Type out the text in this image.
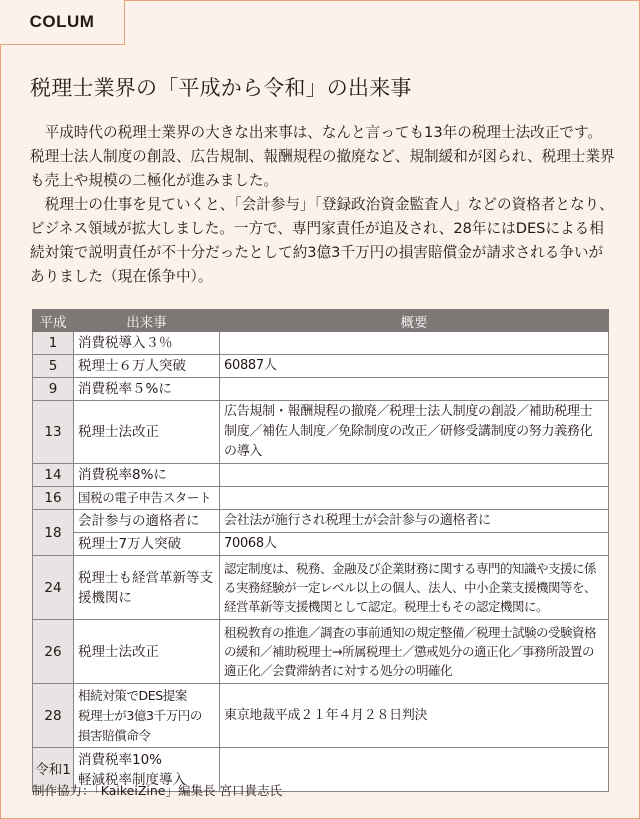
COLUM
税理士業界の「平成から令和」の出来事

平成時代の税理士業界の大きな出来事は、なんと言っても13年の税理士法改正です。税理士法人制度の創設、広告規制、報酬規程の撤廃など、規制緩和が図られ、税理士業界も売上や規模の二極化が進みました。

税理士の仕事を見ていくと、「会計参与」「登録政治資金監査人」などの資格者となり、ビジネス領域が拡大しました。一方で、専門家責任が追及され、28年にはDESによる相続対策で説明責任が不十分だったとして約3億3千万円の損害賠償金が請求される争いがありました（現在係争中）。

平成	出来事	概要
1	消費税導入３％	
5	税理士６万人突破	60887人
9	消費税率５%に	
13	税理士法改正	広告規制・報酬規程の撤廃／税理士法人制度の創設／補助税理士制度／補佐人制度／免除制度の改正／研修受講制度の努力義務化の導入
14	消費税率8%に	
16	国税の電子申告スタート	
18	会計参与の適格者に	会社法が施行され税理士が会計参与の適格者に
	税理士7万人突破	70068人
24	税理士も経営革新等支援機関に	認定制度は、税務、金融及び企業財務に関する専門的知識や支援に係る実務経験が一定レベル以上の個人、法人、中小企業支援機関等を、経営革新等支援機関として認定。税理士もその認定機関に。
26	税理士法改正	租税教育の推進／調査の事前通知の規定整備／税理士試験の受験資格の緩和／補助税理士→所属税理士／懲戒処分の適正化／事務所設置の適正化／会費滞納者に対する処分の明確化
28	相続対策でDES提案
税理士が3億3千万円の
損害賠償命令	東京地裁平成２１年４月２８日判決
令和1	消費税率10%
軽減税率制度導入	
制作協力：「KaikeiZine」編集長 宮口貴志氏
